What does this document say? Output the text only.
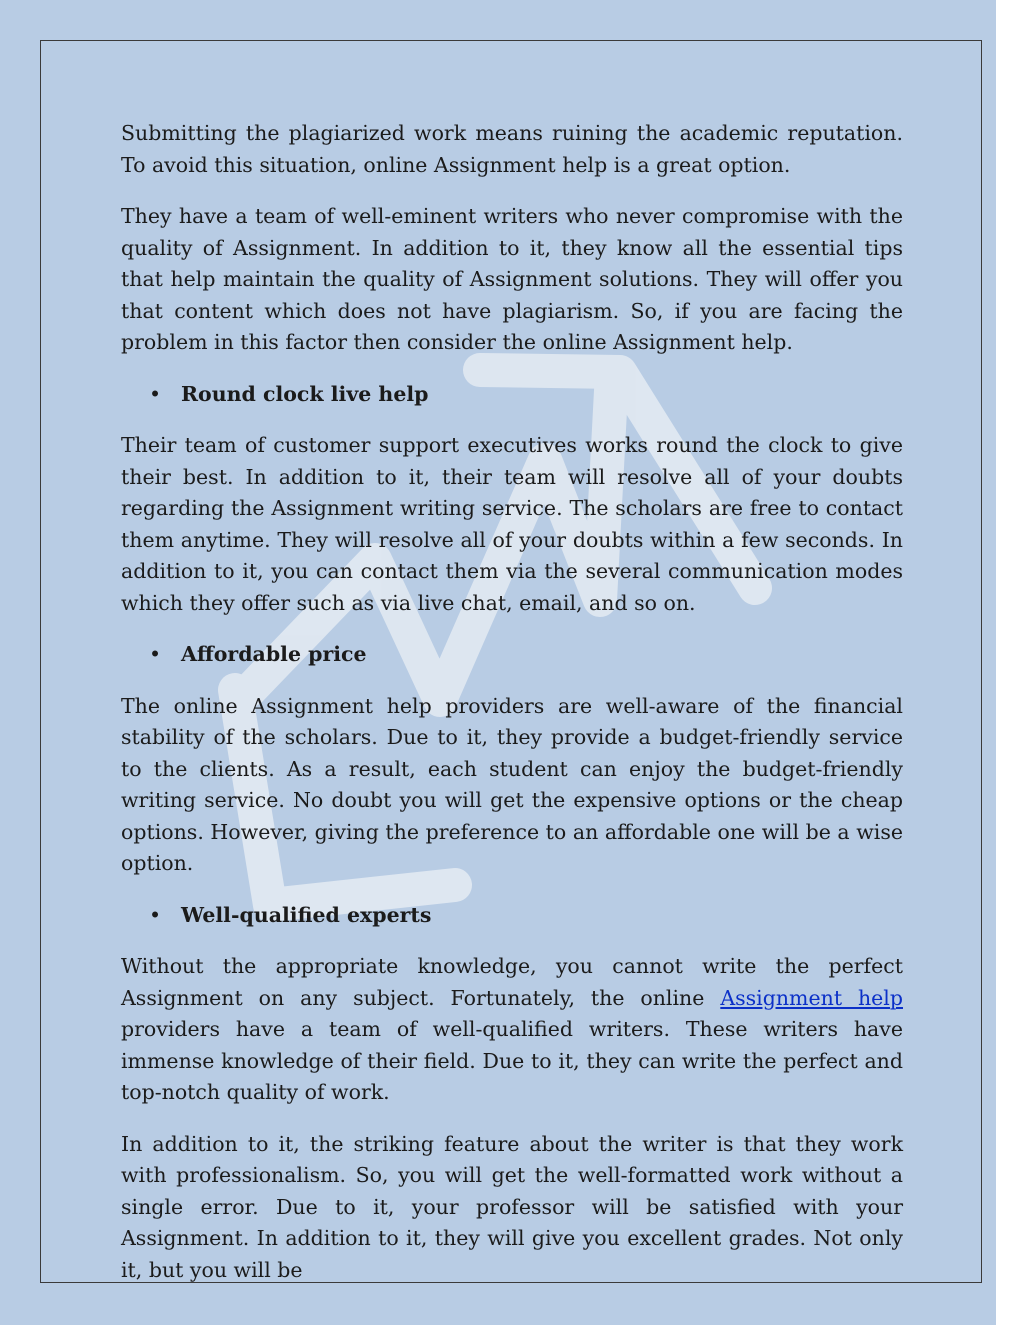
Submitting the plagiarized work means ruining the academic reputation. To avoid this situation, online Assignment help is a great option.

They have a team of well-eminent writers who never compromise with the quality of Assignment. In addition to it, they know all the essential tips that help maintain the quality of Assignment solutions. They will offer you that content which does not have plagiarism. So, if you are facing the problem in this factor then consider the online Assignment help.

• Round clock live help

Their team of customer support executives works round the clock to give their best. In addition to it, their team will resolve all of your doubts regarding the Assignment writing service. The scholars are free to contact them anytime. They will resolve all of your doubts within a few seconds. In addition to it, you can contact them via the several communication modes which they offer such as via live chat, email, and so on.

• Affordable price

The online Assignment help providers are well-aware of the financial stability of the scholars. Due to it, they provide a budget-friendly service to the clients. As a result, each student can enjoy the budget-friendly writing service. No doubt you will get the expensive options or the cheap options. However, giving the preference to an affordable one will be a wise option.

• Well-qualified experts

Without the appropriate knowledge, you cannot write the perfect Assignment on any subject. Fortunately, the online Assignment help providers have a team of well-qualified writers. These writers have immense knowledge of their field. Due to it, they can write the perfect and top-notch quality of work.

In addition to it, the striking feature about the writer is that they work with professionalism. So, you will get the well-formatted work without a single error. Due to it, your professor will be satisfied with your Assignment. In addition to it, they will give you excellent grades. Not only it, but you will be
